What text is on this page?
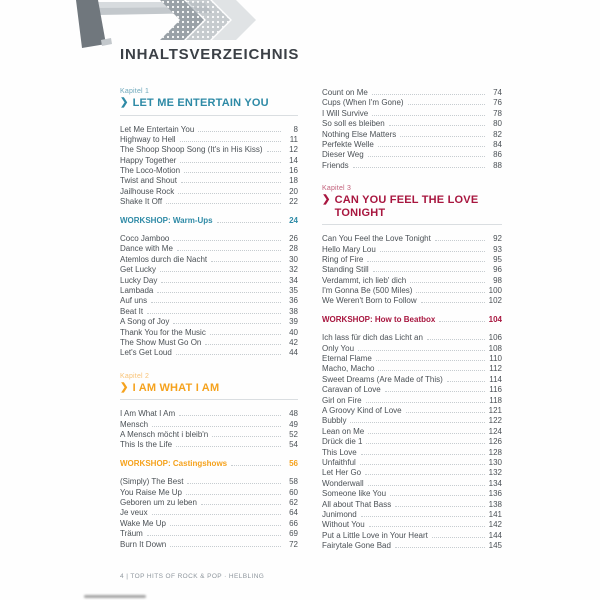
INHALTSVERZEICHNIS
Kapitel 1
❯ LET ME ENTERTAIN YOU
Let Me Entertain You	8
Highway to Hell	11
The Shoop Shoop Song (It's in His Kiss)	12
Happy Together	14
The Loco-Motion	16
Twist and Shout	18
Jailhouse Rock	20
Shake It Off	22
WORKSHOP: Warm-Ups	24
Coco Jamboo	26
Dance with Me	28
Atemlos durch die Nacht	30
Get Lucky	32
Lucky Day	34
Lambada	35
Auf uns	36
Beat It	38
A Song of Joy	39
Thank You for the Music	40
The Show Must Go On	42
Let's Get Loud	44
Kapitel 2
❯ I AM WHAT I AM
I Am What I Am	48
Mensch	49
A Mensch möcht i bleib'n	52
This Is the Life	54
WORKSHOP: Castingshows	56
(Simply) The Best	58
You Raise Me Up	60
Geboren um zu leben	62
Je veux	64
Wake Me Up	66
Träum	69
Burn It Down	72
Count on Me	74
Cups (When I'm Gone)	76
I Will Survive	78
So soll es bleiben	80
Nothing Else Matters	82
Perfekte Welle	84
Dieser Weg	86
Friends	88
Kapitel 3
❯ CAN YOU FEEL THE LOVE TONIGHT
Can You Feel the Love Tonight	92
Hello Mary Lou	93
Ring of Fire	95
Standing Still	96
Verdammt, ich lieb' dich	98
I'm Gonna Be (500 Miles)	100
We Weren't Born to Follow	102
WORKSHOP: How to Beatbox	104
Ich lass für dich das Licht an	106
Only You	108
Eternal Flame	110
Macho, Macho	112
Sweet Dreams (Are Made of This)	114
Caravan of Love	116
Girl on Fire	118
A Groovy Kind of Love	121
Bubbly	122
Lean on Me	124
Drück die 1	126
This Love	128
Unfaithful	130
Let Her Go	132
Wonderwall	134
Someone like You	136
All about That Bass	138
Junimond	141
Without You	142
Put a Little Love in Your Heart	144
Fairytale Gone Bad	145
4 | TOP HITS OF ROCK & POP · HELBLING
